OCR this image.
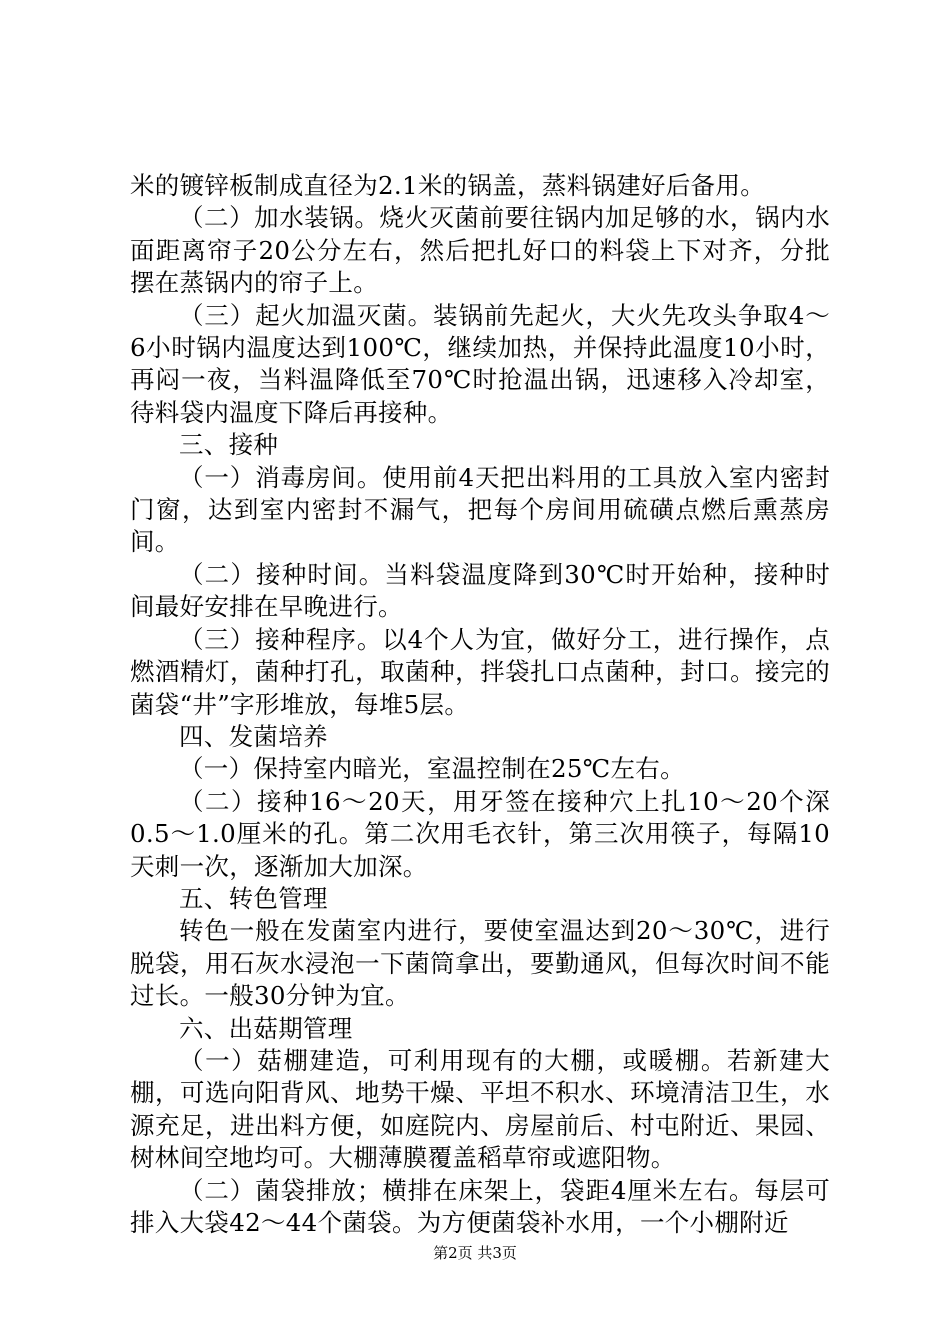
米的镀锌板制成直径为2.1米的锅盖，蒸料锅建好后备用。

（二）加水装锅。烧火灭菌前要往锅内加足够的水，锅内水面距离帘子20公分左右，然后把扎好口的料袋上下对齐，分批摆在蒸锅内的帘子上。

（三）起火加温灭菌。装锅前先起火，大火先攻头争取4～6小时锅内温度达到100℃，继续加热，并保持此温度10小时，再闷一夜，当料温降低至70℃时抢温出锅，迅速移入冷却室，待料袋内温度下降后再接种。

三、接种

（一）消毒房间。使用前4天把出料用的工具放入室内密封门窗，达到室内密封不漏气，把每个房间用硫磺点燃后熏蒸房间。

（二）接种时间。当料袋温度降到30℃时开始种，接种时间最好安排在早晚进行。

（三）接种程序。以4个人为宜，做好分工，进行操作，点燃酒精灯，菌种打孔，取菌种，拌袋扎口点菌种，封口。接完的菌袋“井”字形堆放，每堆5层。

四、发菌培养

（一）保持室内暗光，室温控制在25℃左右。

（二）接种16～20天，用牙签在接种穴上扎10～20个深0.5～1.0厘米的孔。第二次用毛衣针，第三次用筷子，每隔10天刺一次，逐渐加大加深。

五、转色管理

转色一般在发菌室内进行，要使室温达到20～30℃，进行脱袋，用石灰水浸泡一下菌筒拿出，要勤通风，但每次时间不能过长。一般30分钟为宜。

六、出菇期管理

（一）菇棚建造，可利用现有的大棚，或暖棚。若新建大棚，可选向阳背风、地势干燥、平坦不积水、环境清洁卫生，水源充足，进出料方便，如庭院内、房屋前后、村屯附近、果园、树林间空地均可。大棚薄膜覆盖稻草帘或遮阳物。

（二）菌袋排放；横排在床架上，袋距4厘米左右。每层可排入大袋42～44个菌袋。为方便菌袋补水用，一个小棚附近

第2页 共3页
